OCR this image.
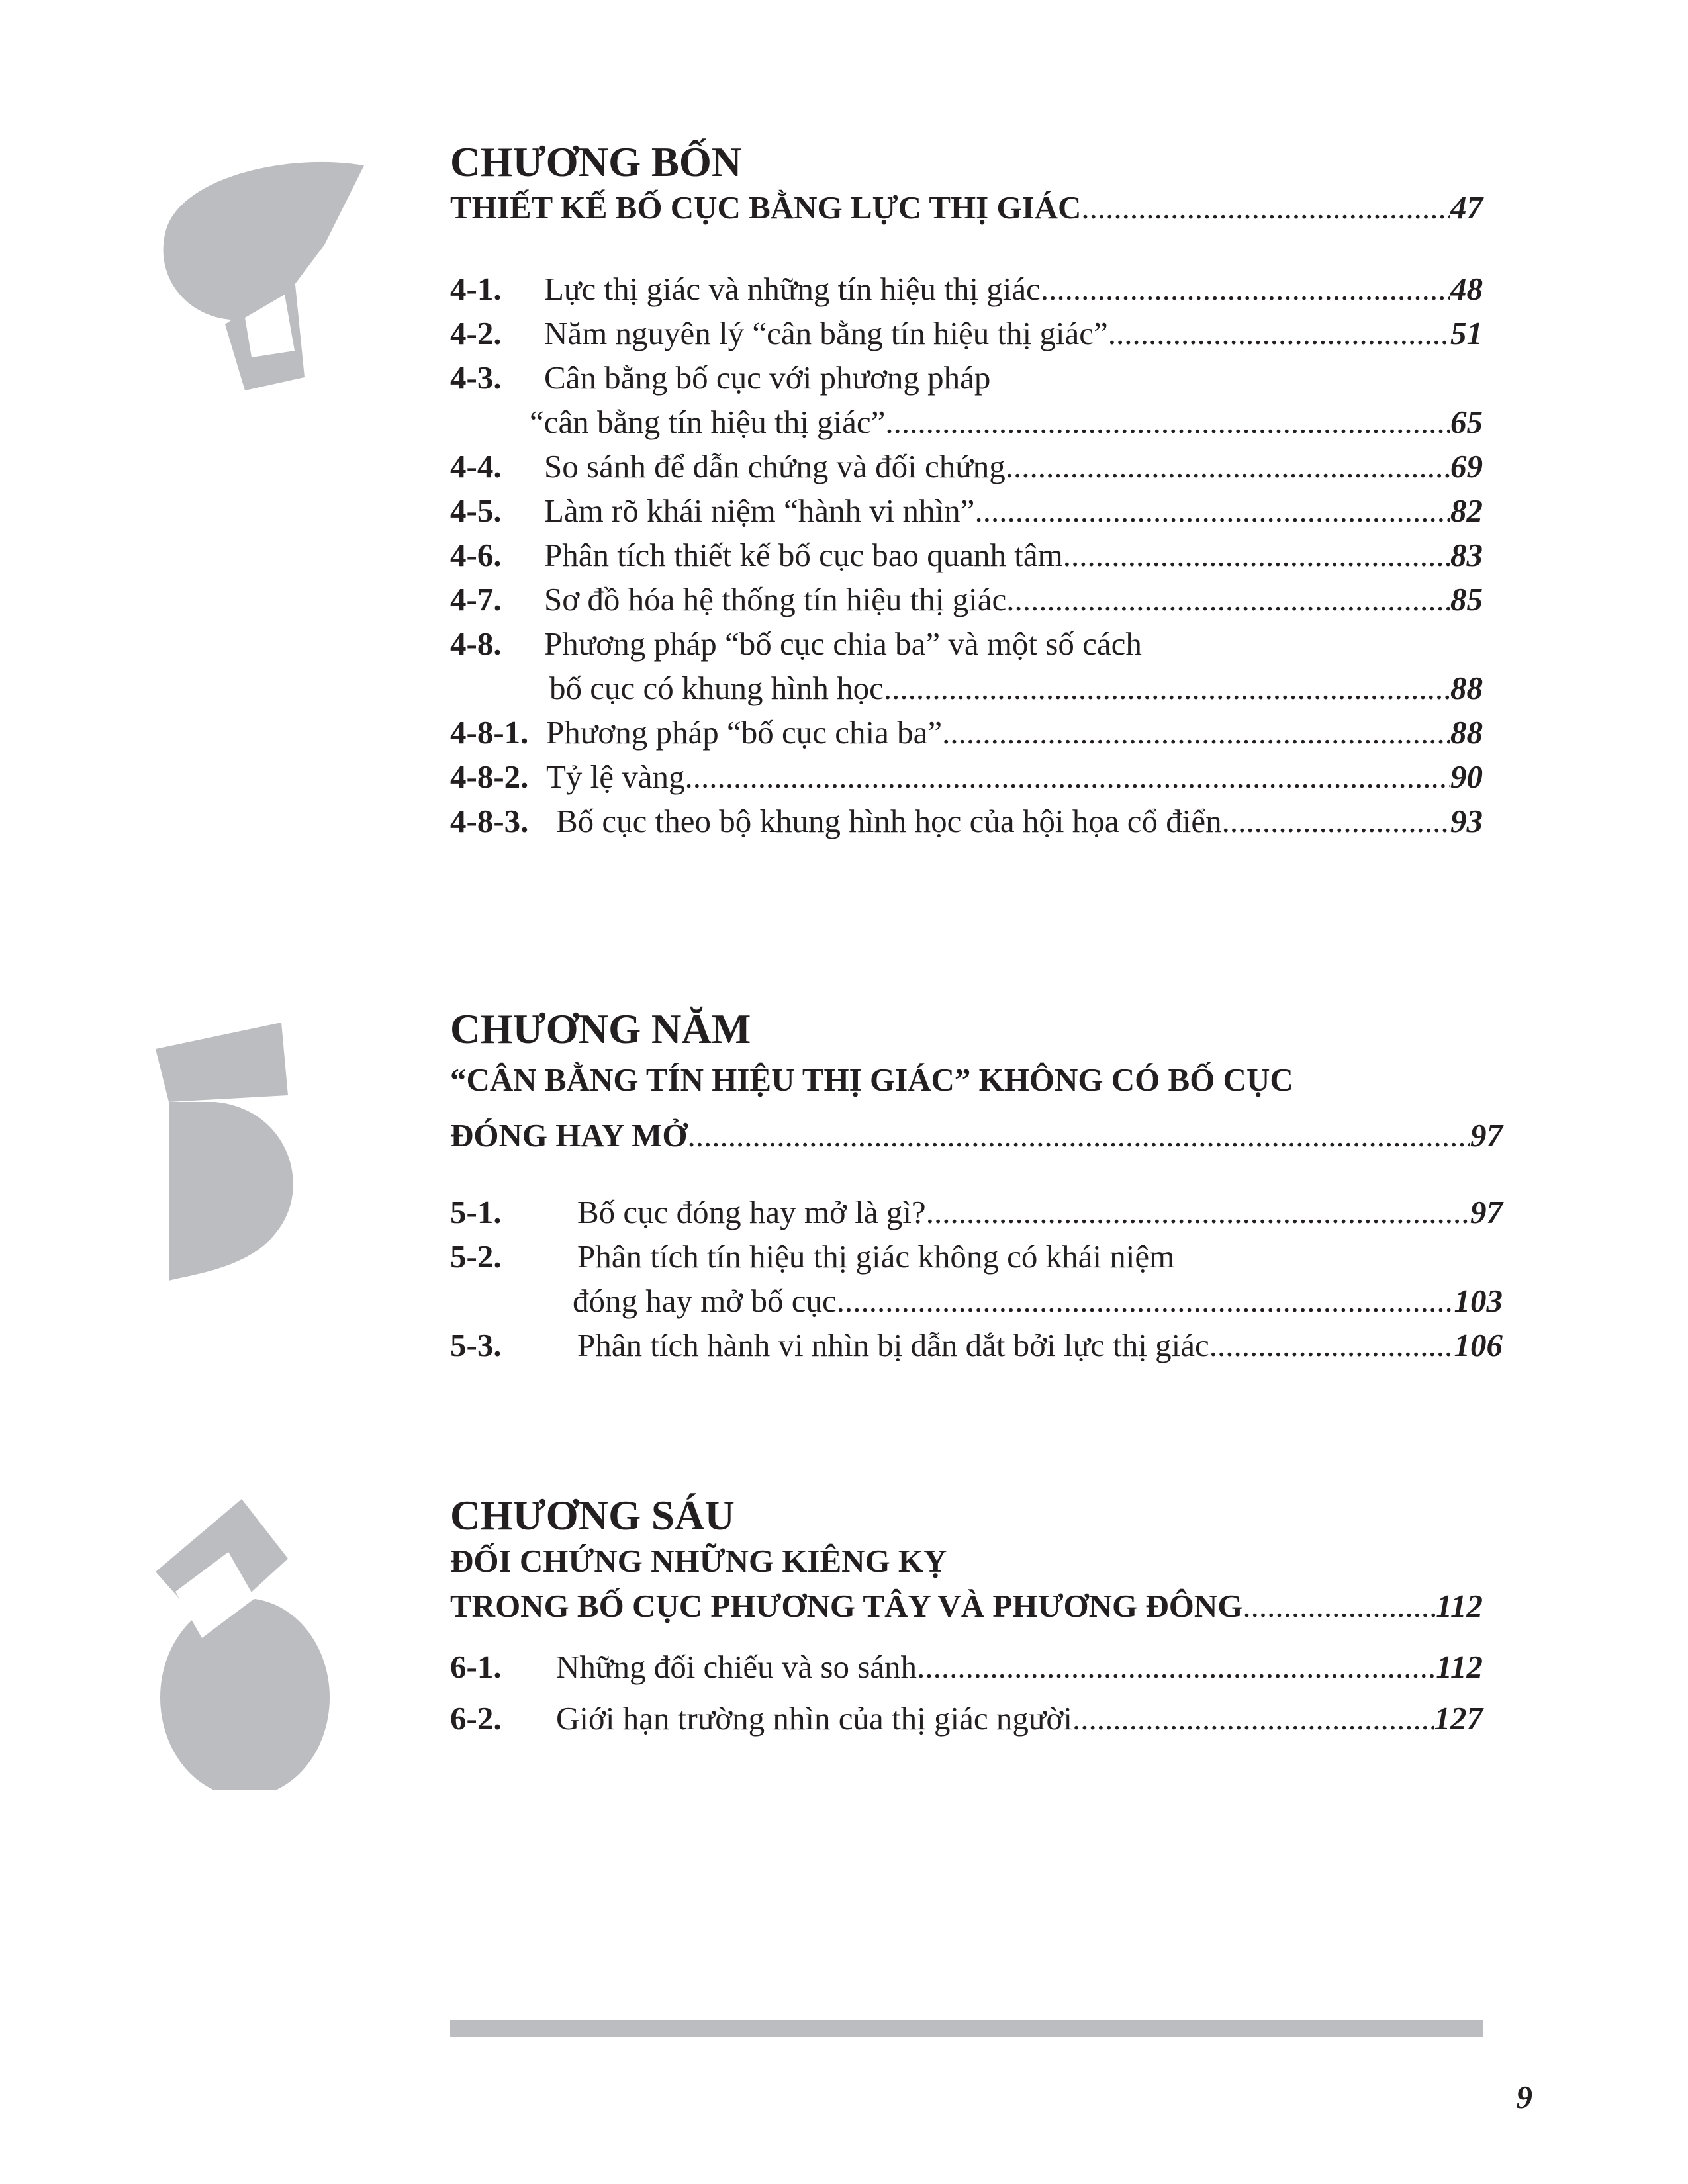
CHƯƠNG BỐN
THIẾT KẾ BỐ CỤC BẰNG LỰC THỊ GIÁC .....	47
4-1. Lực thị giác và những tín hiệu thị giác .....	48
4-2. Năm nguyên lý “cân bằng tín hiệu thị giác” .....	51
4-3.	Cân bằng bố cục với phương pháp
“cân bằng tín hiệu thị giác” .....	65
4-4. So sánh để dẫn chứng và đối chứng .....	69
4-5. Làm rõ khái niệm “hành vi nhìn” .....	82
4-6. Phân tích thiết kế bố cục bao quanh tâm .....	83
4-7. Sơ đồ hóa hệ thống tín hiệu thị giác .....	85
4-8.	Phương pháp “bố cục chia ba” và một số cách
bố cục có khung hình học .....	88
4-8-1. Phương pháp “bố cục chia ba” .....	88
4-8-2. Tỷ lệ vàng .....	90
4-8-3. Bố cục theo bộ khung hình học của hội họa cổ điển .....	93
CHƯƠNG NĂM
“CÂN BẰNG TÍN HIỆU THỊ GIÁC” KHÔNG CÓ BỐ CỤC
ĐÓNG HAY MỞ .....	97
5-1. Bố cục đóng hay mở là gì? .....	97
5-2.	Phân tích tín hiệu thị giác không có khái niệm
đóng hay mở bố cục .....	103
5-3. Phân tích hành vi nhìn bị dẫn dắt bởi lực thị giác .....	106
CHƯƠNG SÁU
ĐỐI CHỨNG NHỮNG KIÊNG KỴ
TRONG BỐ CỤC PHƯƠNG TÂY VÀ PHƯƠNG ĐÔNG .....	112
6-1. Những đối chiếu và so sánh .....	112
6-2. Giới hạn trường nhìn của thị giác người .....	127
9
